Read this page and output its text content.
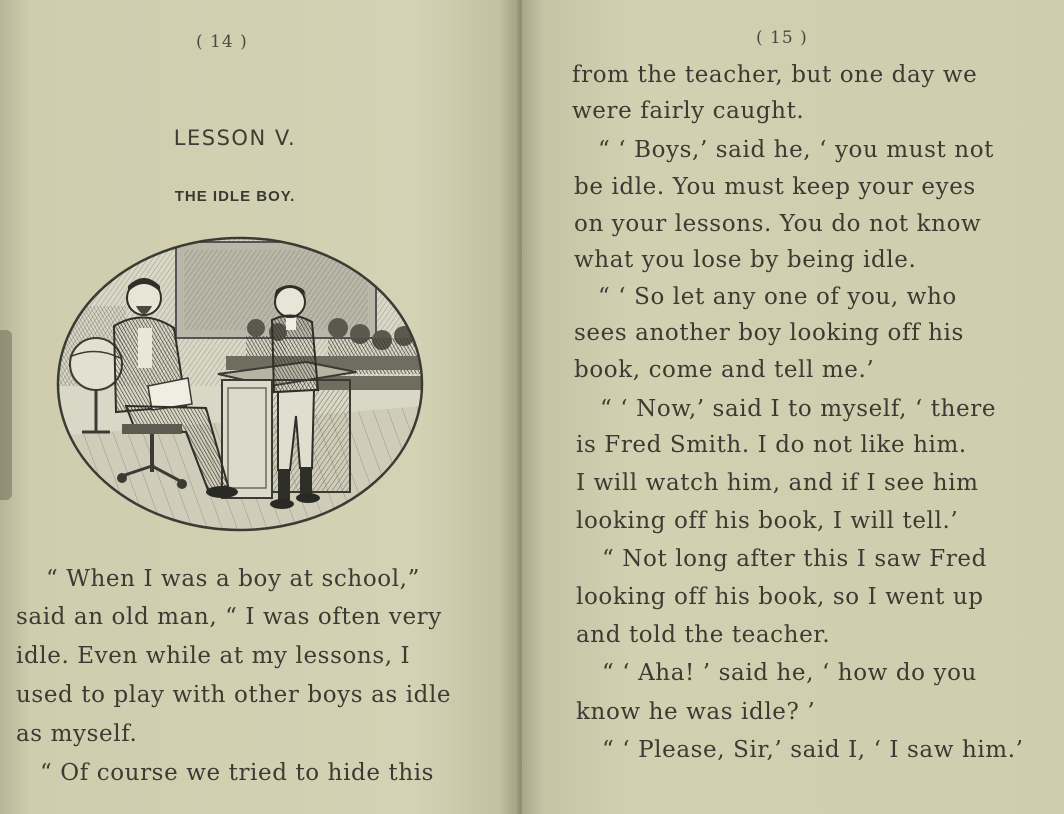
( 14 )
LESSON V.
THE IDLE BOY.
“ When I was a boy at school,”
said an old man, “ I was often very
idle. Even while at my lessons, I
used to play with other boys as idle
as myself.
“ Of course we tried to hide this
( 15 )
from the teacher, but one day we
were fairly caught.
“ ‘ Boys,’ said he, ‘ you must not
be idle. You must keep your eyes
on your lessons. You do not know
what you lose by being idle.
“ ‘ So let any one of you, who
sees another boy looking off his
book, come and tell me.’
“ ‘ Now,’ said I to myself, ‘ there
is Fred Smith. I do not like him.
I will watch him, and if I see him
looking off his book, I will tell.’
“ Not long after this I saw Fred
looking off his book, so I went up
and told the teacher.
“ ‘ Aha! ’ said he, ‘ how do you
know he was idle? ’
“ ‘ Please, Sir,’ said I, ‘ I saw him.’
